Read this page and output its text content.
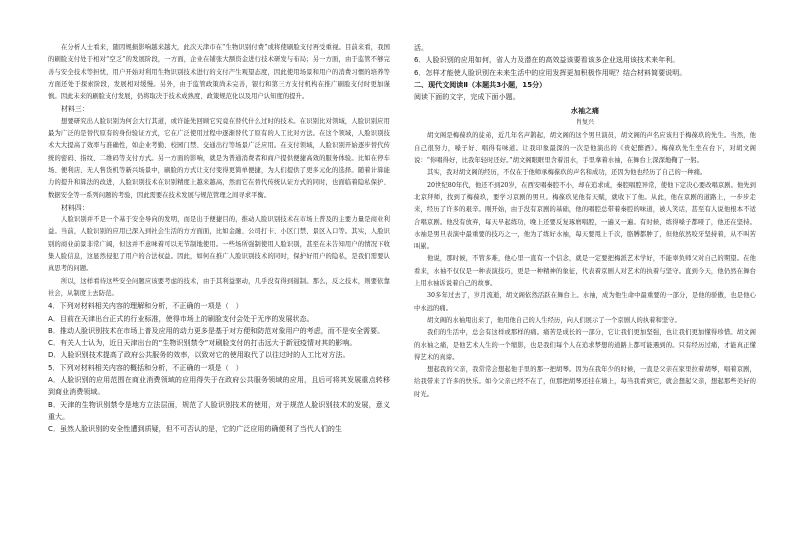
在分析人士看来，随因规损影响越来越大，此次天津市在“生物识别付费”或将使刷脸支付再受重视。目前来看，我国的刷脸支付处于相对“空乏”的发展阶段，一方面，企业在铺张大额资金进行技术研发与布局；另一方面，由于监管不够完善与安全技术等担忧，用户开始对利用生物识别技术进行的支付产生观望态度，因此使用场景和用户的消费习惯的培养等方面还处于探索阶段，发展相对缓慢。另外，由于监管政策尚未完善，银行和第三方支付机构在推广刷脸支付时更加谨慎。因此未来的刷脸支付发展，仍将取决于技术成熟度、政策规范化以及用户认知度的提升。

材料三：

想要研究出人脸识别为何会大行其道，或许能先回顾它究竟在替代什么过时的技术。在识别比对领域，人脸识别应用最为广泛的是替代原有的身份验证方式，它在广泛使用过程中逐渐替代了原有的人工比对方法。在这个领域，人脸识别技术大大提高了效率与准确性，如企业考勤、校园门禁、交通出行等场景广泛应用。在支付领域，人脸识别开始逐步替代传统的密码、指纹、二维码等支付方式。另一方面的影响，就是为普通消费者和商户提供便捷高效的服务体验。比如在停车场、便利店、无人售货机等新兴场景中，刷脸的方式让支付变得更简单便捷，为人们提供了更多元化的选择。随着计算能力的提升和算法的改进，人脸识别技术在识别精度上越来越高，然而它在替代传统认证方式的同时，也面临着隐私保护、数据安全等一系列问题的考验，因此需要在技术发展与规范管理之间寻求平衡。

材料四：

人脸识别并不是一个基于安全导向的发明，而是出于便捷目的，推动人脸识别技术在市场上普及的主要力量是商业利益。当前，人脸识别的应用已深入到社会生活的方方面面，比如金融、公司打卡、小区门禁、景区入口等。其实，人脸识别的商业前景非常广阔，但这并不意味着可以无节制地使用。一些场所强制使用人脸识别，甚至在未告知用户的情况下收集人脸信息，这显然侵犯了用户的合法权益。因此，如何在推广人脸识别技术的同时，保护好用户的隐私，是我们需要认真思考的问题。

所以，这样看待这些安全问题应该要考虑的技术，由于其利益驱动，几乎没有得到遏制。那么，反之技术，则要依靠社会，从制度上去防范。

4．下列对材料相关内容的理解和分析，不正确的一项是（　）

A．目前在天津出台正式的行业标准，使得市场上的刷脸支付会处于无序的发展状态。

B．推动人脸识别技术在市场上普及应用的动力更多是基于对方便和防范对象用户的考虑，而不是安全需要。

C．有关人士认为，近日天津出台的“生物识别禁令”对刷脸支付的打击远大于新冠疫情对其的影响。

D．人脸识别技术提高了政府公共服务的效率，以致对它的使用取代了以往过时的人工比对方法。

5．下列对材料相关内容的概括和分析，不正确的一项是（　）

A．人脸识别的应用范围在商业消费领域的应用得失于在政府公共服务领域的应用，且后可将其发展重点转移到商业消费领域。

B．天津的生物识别禁令是地方立法层面，规范了人脸识别技术的使用，对于规范人脸识别技术的发展，意义重大。

C．虽然人脸识别的安全性遭到质疑，但不可否认的是，它的广泛应用的确便利了当代人们的生

活。

6．人脸识别的应用如何，省人力及潜在的高效益该要看该多企业选用该技术来年利。

6．怎样才能使人脸识别在未来生活中的应用发挥更加积极作用呢？结合材料简要说明。

二、现代文阅读Ⅱ（本题共3小题，15分）

阅读下面的文字，完成下面小题。

水袖之痛

肖复兴

胡文阁是梅葆玖的徒弟，近几年名声鹊起，胡文阁的这个男旦演员，胡文阁的声名应该归于梅葆玖的先生。当然，他自己很努力，嗓子好、唱得有味道。让我印象最深的一次是他演出的《贵妃醉酒》。梅葆玖先生坐在台下，对胡文阁说：“你唱得好，比我年轻时还好。”胡文阁眼眶里含着泪水，手里拿着水袖，在舞台上深深地鞠了一躬。

其实，我对胡文阁的经历，不仅在于他师承梅葆玖的声名和成功，还因为他也经历了自己的一种痛。

20世纪80年代，他还不到20岁，在西安唱秦腔不小，却在追求成，秦腔唱腔异常，使他下定决心要改唱京剧。他先到北京拜师，找到了梅葆玖，要学习京剧的男旦。梅葆玖见他有天赋，就收下了他。从此，他在京剧的道路上，一步步走来，经历了许多的艰辛。刚开始，由于没有京剧的基础，他的唱腔总带着秦腔的味道，被人笑话，甚至有人说他根本不适合唱京剧。他没有放弃，每天早起练功，晚上还要反复琢磨唱腔，一遍又一遍。有时候，练得嗓子都哑了，他还在坚持。水袖是男旦表演中最重要的技巧之一，他为了练好水袖，每天要甩上千次，胳膊都肿了，但他依然咬牙坚持着，从不叫苦叫累。

他说，那时候，不管多难，他心里一直有一个信念，就是一定要把梅派艺术学好，不能辜负师父对自己的期望。在他看来，水袖不仅仅是一种表演技巧，更是一种精神的象征，代表着京剧人对艺术的执着与坚守。直到今天，他仍然在舞台上用水袖诉说着自己的故事。

30多年过去了，岁月流逝，胡文阁依然活跃在舞台上。水袖，成为他生命中最重要的一部分，是他的骄傲，也是他心中永远的痛。

胡文阁的水袖甩出来了，他用他自己的人生经历，向人们展示了一个京剧人的执着和坚守。

我们的生活中，总会有这样或那样的痛。痛苦是成长的一部分，它让我们更加坚强，也让我们更加懂得珍惜。胡文阁的水袖之痛，是他艺术人生的一个缩影，也是我们每个人在追求梦想的道路上都可能遇到的。只有经历过痛，才能真正懂得艺术的真谛。

想起我的父亲，我常常会想起他手里的那一把胡琴。因为在我年少的时候，一直是父亲在家里拉着胡琴，唱着京剧，给我带来了许多的快乐。如今父亲已经不在了，但那把胡琴还挂在墙上，每当我看到它，就会想起父亲，想起那些美好的时光。
